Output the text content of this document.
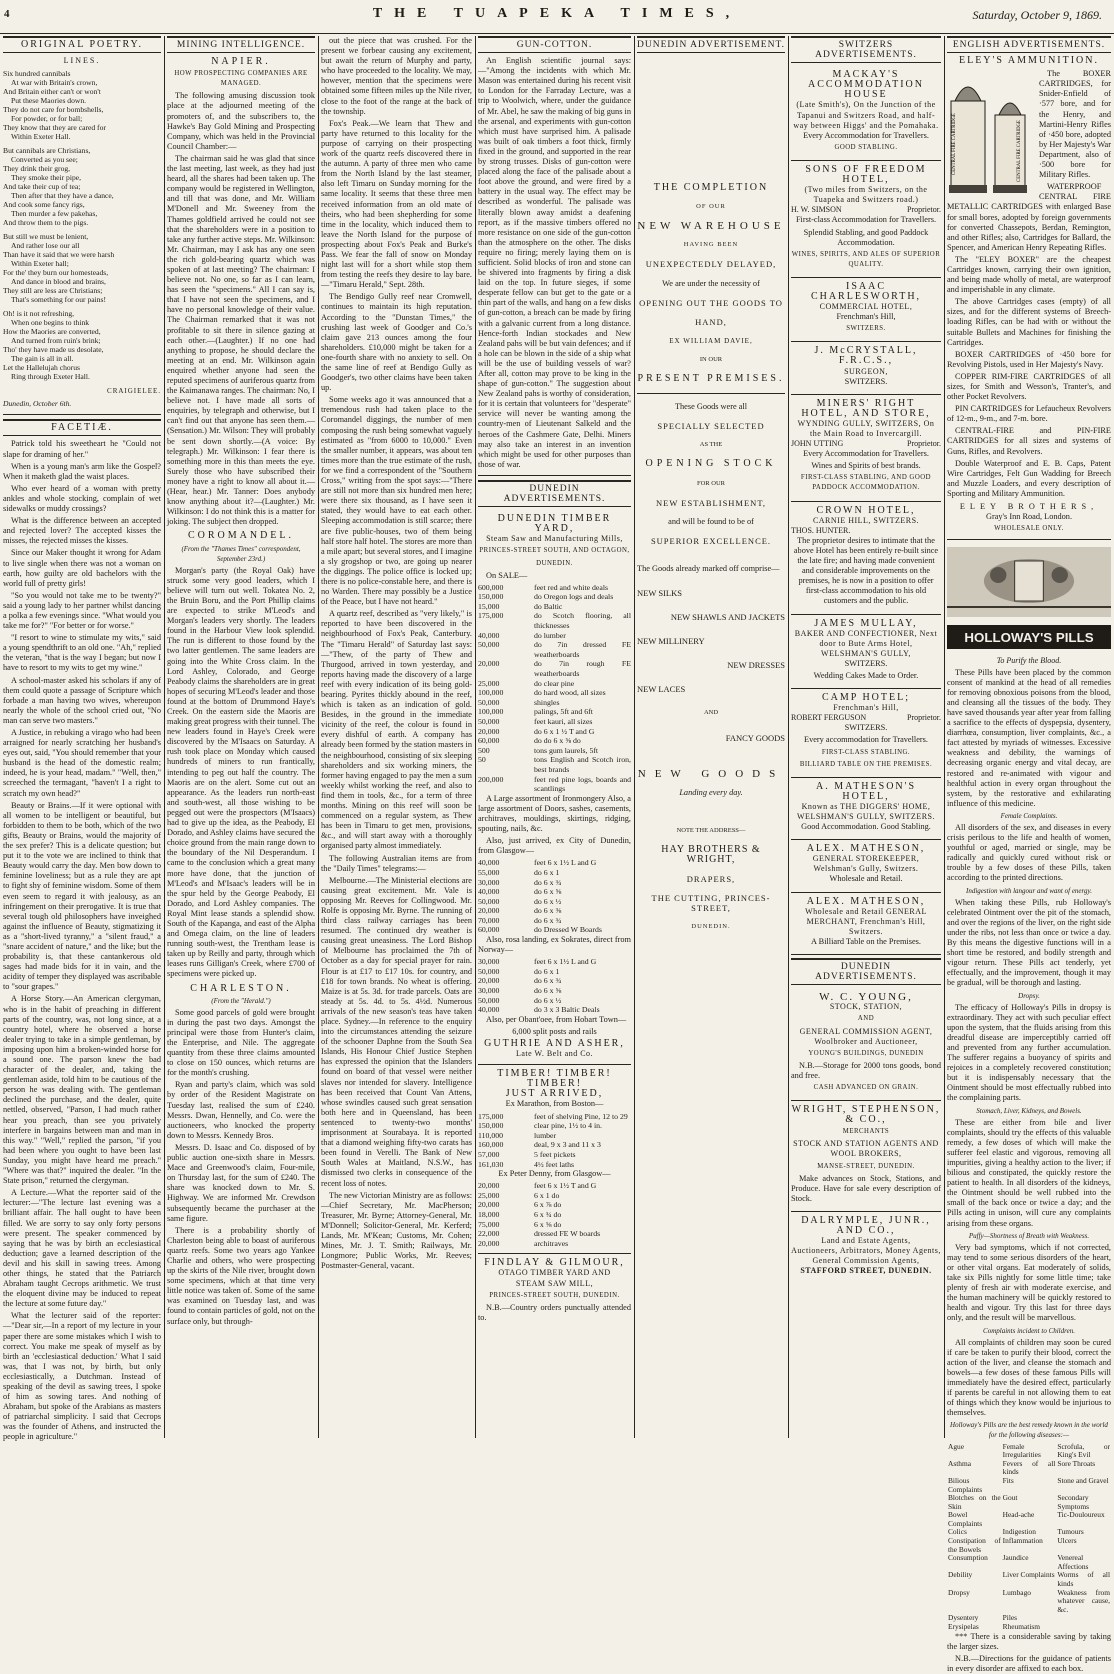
4	THE TUAPEKA TIMES,	Saturday, October 9, 1869.
ORIGINAL POETRY.
LINES.

Six hundred cannibals

At war with Britain's crown,

And Britain either can't or won't

Put these Maories down.

They do not care for bombshells,

For powder, or for ball;

They know that they are cared for

Within Exeter Hall.

But cannibals are Christians,

Converted as you see;

They drink their grog,

They smoke their pipe,

And take their cup of tea;

Then after that they have a dance,

And cook some fancy rigs,

Then murder a few pakehas,

And throw them to the pigs.

But still we must be lenient,

And rather lose our all

Than have it said that we were harsh

Within Exeter hall;

For the' they burn our homesteads,

And dance in blood and brains,

They still are less are Christians;

That's something for our pains!

Oh! is it not refreshing,

When one begins to think

How the Maories are converted,

And turned from ruin's brink;

Tho' they have made us desolate,

The gain is all in all.

Let the Hallelujah chorus

Ring through Exeter Hall.

CRAIGIELEE.
Dunedin, October 6th.
FACETIÆ.

Patrick told his sweetheart he "Could not slape for draming of her."

When is a young man's arm like the Gospel? When it maketh glad the waist places.

Who ever heard of a woman with pretty ankles and whole stocking, complain of wet sidewalks or muddy crossings?

What is the difference between an accepted and rejected lover? The accepted kisses the misses, the rejected misses the kisses.

Since our Maker thought it wrong for Adam to live single when there was not a woman on earth, how guilty are old bachelors with the world full of pretty girls!

"So you would not take me to be twenty?" said a young lady to her partner whilst dancing a polka a few evenings since. "What would you take me for?" "For better or for worse."

"I resort to wine to stimulate my wits," said a young spendthrift to an old one. "Ah," replied the veteran, "that is the way I began; but now I have to resort to my wits to get my wine."

A school-master asked his scholars if any of them could quote a passage of Scripture which forbade a man having two wives, whereupon nearly the whole of the school cried out, "No man can serve two masters."

A Justice, in rebuking a virago who had been arraigned for nearly scratching her husband's eyes out, said, "You should remember that your husband is the head of the domestic realm; indeed, he is your head, madam." "Well, then," screeched the termagant, "haven't I a right to scratch my own head?"

Beauty or Brains.—If it were optional with all women to be intelligent or beautiful, but forbidden to them to be both, which of the two gifts, Beauty or Brains, would the majority of the sex prefer? This is a delicate question; but put it to the vote we are inclined to think that Beauty would carry the day. Men bow down to feminine loveliness; but as a rule they are apt to fight shy of feminine wisdom. Some of them even seem to regard it with jealousy, as an infringement on their prerogative. It is true that several tough old philosophers have inveighed against the influence of Beauty, stigmatizing it as a "short-lived tyranny," a "silent fraud," a "snare accident of nature," and the like; but the probability is, that these cantankerous old sages had made bids for it in vain, and the acidity of temper they displayed was ascribable to "sour grapes."

A Horse Story.—An American clergyman, who is in the habit of preaching in different parts of the country, was, not long since, at a country hotel, where he observed a horse dealer trying to take in a simple gentleman, by imposing upon him a broken-winded horse for a sound one. The parson knew the bad character of the dealer, and, taking the gentleman aside, told him to be cautious of the person he was dealing with. The gentleman declined the purchase, and the dealer, quite nettled, observed, "Parson, I had much rather hear you preach, than see you privately interfere in bargains between man and man in this way." "Well," replied the parson, "if you had been where you ought to have been last Sunday, you might have heard me preach." "Where was that?" inquired the dealer. "In the State prison," returned the clergyman.

A Lecture.—What the reporter said of the lecturer:—"The lecture last evening was a brilliant affair. The hall ought to have been filled. We are sorry to say only forty persons were present. The speaker commenced by saying that he was by birth an ecclesiastical deduction; gave a learned description of the devil and his skill in sawing trees. Among other things, he stated that the Patriarch Abraham taught Cecrops arithmetic. We trust the eloquent divine may be induced to repeat the lecture at some future day."

What the lecturer said of the reporter:—"Dear sir,—In a report of my lecture in your paper there are some mistakes which I wish to correct. You make me speak of myself as by birth an 'ecclesiastical deduction.' What I said was, that I was not, by birth, but only ecclesiastically, a Dutchman. Instead of speaking of the devil as sawing trees, I spoke of him as sowing tares. And nothing of Abraham, but spoke of the Arabians as masters of patriarchal simplicity. I said that Cecrops was the founder of Athens, and instructed the people in agriculture."

MINING INTELLIGENCE.
NAPIER.
HOW PROSPECTING COMPANIES ARE MANAGED.

The following amusing discussion took place at the adjourned meeting of the promoters of, and the subscribers to, the Hawke's Bay Gold Mining and Prospecting Company, which was held in the Provincial Council Chamber:—

The chairman said he was glad that since the last meeting, last week, as they had just heard, all the shares had been taken up. The company would be registered in Wellington, and till that was done, and Mr. William M'Donell and Mr. Sweeney from the Thames goldfield arrived he could not see that the shareholders were in a position to take any further active steps. Mr. Wilkinson: Mr. Chairman, may I ask has any one seen the rich gold-bearing quartz which was spoken of at last meeting? The chairman: I believe not. No one, so far as I can learn, has seen the "specimens." All I can say is, that I have not seen the specimens, and I have no personal knowledge of their value. The Chairman remarked that it was not profitable to sit there in silence gazing at each other.—(Laughter.) If no one had anything to propose, he should declare the meeting at an end. Mr. Wilkinson again enquired whether anyone had seen the reputed specimens of auriferous quartz from the Kaimanawa ranges. The chairman: No, I believe not. I have made all sorts of enquiries, by telegraph and otherwise, but I can't find out that anyone has seen them.—(Sensation.) Mr. Wilson: They will probably be sent down shortly.—(A voice: By telegraph.) Mr. Wilkinson: I fear there is something more in this than meets the eye. Surely those who have subscribed their money have a right to know all about it.—(Hear, hear.) Mr. Tanner: Does anybody know anything about it?—(Laughter.) Mr. Wilkinson: I do not think this is a matter for joking. The subject then dropped.

COROMANDEL.
(From the "Thames Times" correspondent, September 23rd.)

Morgan's party (the Royal Oak) have struck some very good leaders, which I believe will turn out well. Tokatea No. 2, the Bruin Boru, and the Port Phillip claims are expected to strike M'Leod's and Morgan's leaders very shortly. The leaders found in the Harbour View look splendid. The run is different to those found by the two latter gentlemen. The same leaders are going into the White Cross claim. In the Lord Ashley, Colorado, and George Peabody claims the shareholders are in great hopes of securing M'Leod's leader and those found at the bottom of Drummond Haye's Creek. On the eastern side the Maoris are making great progress with their tunnel. The new leaders found in Haye's Creek were discovered by the M'Isaacs on Saturday. A rush took place on Monday which caused hundreds of miners to run frantically, intending to peg out half the country. The Maoris are on the alert. Some cut out an appearance. As the leaders run north-east and south-west, all those wishing to be pegged out were the prospectors (M'Isaacs) had to give up the idea, as the Peabody, El Dorado, and Ashley claims have secured the choice ground from the main range down to the boundary of the Nil Desperandum. I came to the conclusion which a great many more have done, that the junction of M'Leod's and M'Isaac's leaders will be in the spur held by the George Peabody, El Dorado, and Lord Ashley companies. The Royal Mint lease stands a splendid show. South of the Kapanga, and east of the Alpha and Omega claim, on the line of leaders running south-west, the Trentham lease is taken up by Reilly and party, through which leases runs Gilligan's Creek, where £700 of specimens were picked up.

CHARLESTON.
(From the "Herald.")

Some good parcels of gold were brought in during the past two days. Amongst the principal were those from Hunter's claim, the Enterprise, and Nile. The aggregate quantity from these three claims amounted to close on 150 ounces, which returns are for the month's crushing.

Ryan and party's claim, which was sold by order of the Resident Magistrate on Tuesday last, realised the sum of £240. Messrs. Dwan, Hennelly, and Co. were the auctioneers, who knocked the property down to Messrs. Kennedy Bros.

Messrs. D. Isaac and Co. disposed of by public auction one-sixth share in Messrs. Mace and Greenwood's claim, Four-mile, on Thursday last, for the sum of £240. The share was knocked down to Mr. S. Highway. We are informed Mr. Crewdson subsequently became the purchaser at the same figure.

There is a probability shortly of Charleston being able to boast of auriferous quartz reefs. Some two years ago Yankee Charlie and others, who were prospecting up the skirts of the Nile river, brought down some specimens, which at that time very little notice was taken of. Some of the same was examined on Tuesday last, and was found to contain particles of gold, not on the surface only, but through-

out the piece that was crushed. For the present we forbear causing any excitement, but await the return of Murphy and party, who have proceeded to the locality. We may, however, mention that the specimens were obtained some fifteen miles up the Nile river, close to the foot of the range at the back of the township.

Fox's Peak.—We learn that Thew and party have returned to this locality for the purpose of carrying on their prospecting work of the quartz reefs discovered there in the autumn. A party of three men who came from the North Island by the last steamer, also left Timaru on Sunday morning for the same locality. It seems that these three men received information from an old mate of theirs, who had been shepherding for some time in the locality, which induced them to leave the North Island for the purpose of prospecting about Fox's Peak and Burke's Pass. We fear the fall of snow on Monday night last will for a short while stop them from testing the reefs they desire to lay bare.—"Timaru Herald," Sept. 28th.

The Bendigo Gully reef near Cromwell, continues to maintain its high reputation. According to the "Dunstan Times," the crushing last week of Goodger and Co.'s claim gave 213 ounces among the four shareholders. £10,000 might be taken for a one-fourth share with no anxiety to sell. On the same line of reef at Bendigo Gully as Goodger's, two other claims have been taken up.

Some weeks ago it was announced that a tremendous rush had taken place to the Coromandel diggings, the number of men composing the rush being somewhat vaguely estimated as "from 6000 to 10,000." Even the smaller number, it appears, was about ten times more than the true estimate of the rush, for we find a correspondent of the "Southern Cross," writing from the spot says:—"There are still not more than six hundred men here; were there six thousand, as I have seen it stated, they would have to eat each other. Sleeping accommodation is still scarce; there are five public-houses, two of them being half store half hotel. The stores are more than a mile apart; but several stores, and I imagine a sly grogshop or two, are going up nearer the diggings. The police office is locked up; there is no police-constable here, and there is no Warden. There may possibly be a Justice of the Peace, but I have not heard."

A quartz reef, described as "very likely," is reported to have been discovered in the neighbourhood of Fox's Peak, Canterbury. The "Timaru Herald" of Saturday last says:—"Thew, of the party of Thew and Thurgood, arrived in town yesterday, and reports having made the discovery of a large reef with every indication of its being gold-bearing. Pyrites thickly abound in the reef, which is taken as an indication of gold. Besides, in the ground in the immediate vicinity of the reef, the colour is found in every dishful of earth. A company has already been formed by the station masters in the neighbourhood, consisting of six sleeping shareholders and six working miners, the former having engaged to pay the men a sum weekly whilst working the reef, and also to find them in tools, &c., for a term of three months. Mining on this reef will soon be commenced on a regular system, as Thew has been in Timaru to get men, provisions, &c., and will start away with a thoroughly organised party almost immediately.

The following Australian items are from the "Daily Times" telegrams:—

Melbourne.—The Ministerial elections are causing great excitement. Mr. Vale is opposing Mr. Reeves for Collingwood. Mr. Rolfe is opposing Mr. Byrne. The running of third class railway carriages has been resumed. The continued dry weather is causing great uneasiness. The Lord Bishop of Melbourne has proclaimed the 7th of October as a day for special prayer for rain. Flour is at £17 to £17 10s. for country, and £18 for town brands. No wheat is offering. Maize is at 5s. 3d. for trade parcels. Oats are steady at 5s. 4d. to 5s. 4½d. Numerous arrivals of the new season's teas have taken place. Sydney.—In reference to the enquiry into the circumstances attending the seizure of the schooner Daphne from the South Sea Islands, His Honour Chief Justice Stephen has expressed the opinion that the Islanders found on board of that vessel were neither slaves nor intended for slavery. Intelligence has been received that Count Van Attens, whose swindles caused such great sensation both here and in Queensland, has been sentenced to twenty-two months' imprisonment at Sourabaya. It is reported that a diamond weighing fifty-two carats has been found in Verelli. The Bank of New South Wales at Maitland, N.S.W., has dismissed two clerks in consequence of the recent loss of notes.

The new Victorian Ministry are as follows:—Chief Secretary, Mr. MacPherson; Treasurer, Mr. Byrne; Attorney-General, Mr. M'Donnell; Solicitor-General, Mr. Kerferd; Lands, Mr. M'Kean; Customs, Mr. Cohen; Mines, Mr. J. T. Smith; Railways, Mr. Longmore; Public Works, Mr. Reeves; Postmaster-General, vacant.

GUN-COTTON.

An English scientific journal says:—"Among the incidents with which Mr. Mason was entertained during his recent visit to London for the Farraday Lecture, was a trip to Woolwich, where, under the guidance of Mr. Abel, he saw the making of big guns in the arsenal, and experiments with gun-cotton which must have surprised him. A palisade was built of oak timbers a foot thick, firmly fixed in the ground, and supported in the rear by strong trusses. Disks of gun-cotton were placed along the face of the palisade about a foot above the ground, and were fired by a battery in the usual way. The effect may be described as wonderful. The palisade was literally blown away amidst a deafening report, as if the massive timbers offered no more resistance on one side of the gun-cotton than the atmosphere on the other. The disks require no firing; merely laying them on is sufficient. Solid blocks of iron and stone can be shivered into fragments by firing a disk laid on the top. In future sieges, if some desperate fellow can but get to the gate or a thin part of the walls, and hang on a few disks of gun-cotton, a breach can be made by firing with a galvanic current from a long distance. Hence-forth Indian stockades and New Zealand pahs will be but vain defences; and if a hole can be blown in the side of a ship what will be the use of building vessels of war? After all, cotton may prove to be king in the shape of gun-cotton." The suggestion about New Zealand pahs is worthy of consideration, for it is certain that volunteers for "desperate" service will never be wanting among the country-men of Lieutenant Salkeld and the heroes of the Cashmere Gate, Delhi. Miners may also take an interest in an invention which might be used for other purposes than those of war.

DUNEDIN ADVERTISEMENTS.
DUNEDIN TIMBER YARD,
Steam Saw and Manufacturing Mills,
PRINCES-STREET SOUTH, AND OCTAGON,
DUNEDIN.

On SALE—

600,000	feet red and white deals
150,000	do Oregon logs and deals
15,000	do Baltic
175,000	do Scotch flooring, all thicknesses
40,000	do lumber
50,000	do 7in dressed FE weatherboards
20,000	do 7in rough FE weatherboards
25,000	do clear pine
100,000	do hard wood, all sizes
50,000	shingles
100,000	palings, 5ft and 6ft
50,000	feet kauri, all sizes
20,000	do 6 x 1 ½ T and G
60,000	do do 6 x ⅝ do
500	tons gum laurels, 5ft
50	tons English and Scotch iron, best brands
200,000	feet red pine logs, boards and scantlings

A Large assortment of Ironmongery Also, a large assortment of Doors, sashes, casements, architraves, mouldings, skirtings, ridging, spouting, nails, &c.

Also, just arrived, ex City of Dunedin, from Glasgow—

40,000	feet 6 x 1½ L and G
55,000	do 6 x 1
30,000	do 6 x ¾
40,000	do 6 x ⅝
50,000	do 6 x ½
20,000	do 6 x ⅜
70,000	do 6 x ¾
60,000	do Dressed W Boards

Also, rosa landing, ex Sokrates, direct from Norway—

30,000	feet 6 x 1½ L and G
50,000	do 6 x 1
20,000	do 6 x ¾
30,000	do 6 x ⅝
50,000	do 6 x ½
40,000	do 3 x 3 Baltic Deals

Also, per Obant'oee, from Hobart Town—

6,000 split posts and rails

GUTHRIE AND ASHER,
Late W. Belt and Co.
TIMBER! TIMBER! TIMBER!
JUST ARRIVED,

Ex Marathon, from Boston—

175,000	feet of shelving Pine, 12 to 29
150,000	clear pine, 1½ to 4 in.
110,000	lumber
160,000	deal, 9 x 3 and 11 x 3
57,000	5 feet pickets
161,030	4½ feet laths

Ex Peter Denny, from Glasgow—

20,000	feet 6 x 1½ T and G
25,000	6 x 1 do
20,000	6 x ⅞ do
18,000	6 x ¾ do
75,000	6 x ⅝ do
22,000	dressed FE W boards
20,000	architraves
FINDLAY & GILMOUR,
OTAGO TIMBER YARD AND
STEAM SAW MILL,
PRINCES-STREET SOUTH, DUNEDIN.

N.B.—Country orders punctually attended to.

DUNEDIN ADVERTISEMENT.
THE COMPLETION
OF OUR
NEW WAREHOUSE
HAVING BEEN
UNEXPECTEDLY DELAYED,
We are under the necessity of
OPENING OUT THE GOODS TO
HAND,
EX WILLIAM DAVIE,
IN OUR
PRESENT PREMISES.
These Goods were all
SPECIALLY SELECTED
AS THE
OPENING STOCK
FOR OUR
NEW ESTABLISHMENT,
and will be found to be of
SUPERIOR EXCELLENCE.
The Goods already marked off comprise—
NEW SILKS
NEW SHAWLS AND JACKETS
NEW MILLINERY
NEW DRESSES
NEW LACES
AND
FANCY GOODS
NEW GOODS
Landing every day.
NOTE THE ADDRESS—
HAY BROTHERS & WRIGHT,
DRAPERS,
THE CUTTING, PRINCES-STREET,
DUNEDIN.
SWITZERS ADVERTISEMENTS.
MACKAY'S ACCOMMODATION HOUSE
(Late Smith's), On the Junction of the Tapanui and Switzers Road, and half-way between Higgs' and the Pomahaka.

Every Accommodation for Travellers.

GOOD STABLING.
SONS OF FREEDOM HOTEL,
(Two miles from Switzers, on the Tuapeka and Switzers road.)
H. W. SIMSON	Proprietor.

First-class Accommodation for Travellers.

Splendid Stabling, and good Paddock Accommodation.

WINES, SPIRITS, AND ALES OF SUPERIOR QUALITY.
ISAAC CHARLESWORTH,
COMMERCIAL HOTEL,

Frenchman's Hill,

SWITZERS.
J. McCRYSTALL, F.R.C.S.,
SURGEON,

SWITZERS.

MINERS' RIGHT HOTEL, AND STORE,
WYNDING GULLY, SWITZERS, On the Main Road to Invercargill.
JOHN UTTING	Proprietor.

Every Accommodation for Travellers.

Wines and Spirits of best brands.

FIRST-CLASS STABLING, AND GOOD PADDOCK ACCOMMODATION.
CROWN HOTEL,
CARNIE HILL, SWITZERS.
THOS. HUNTER.

The proprietor desires to intimate that the above Hotel has been entirely re-built since the late fire; and having made convenient and considerable improvements on the premises, he is now in a position to offer first-class accommodation to his old customers and the public.

JAMES MULLAY,
BAKER AND CONFECTIONER, Next door to Bute Arms Hotel, WELSHMAN'S GULLY,

SWITZERS.

Wedding Cakes Made to Order.

CAMP HOTEL;
Frenchman's Hill,
ROBERT FERGUSON	Proprietor.

SWITZERS.

Every accommodation for Travellers.

FIRST-CLASS STABLING.
BILLIARD TABLE ON THE PREMISES.
A. MATHESON'S HOTEL,
Known as THE DIGGERS' HOME, WELSHMAN'S GULLY, SWITZERS.

Good Accommodation. Good Stabling.

ALEX. MATHESON,
GENERAL STOREKEEPER, Welshman's Gully, Switzers.

Wholesale and Retail.

ALEX. MATHESON,
Wholesale and Retail GENERAL MERCHANT, Frenchman's Hill, Switzers.

A Billiard Table on the Premises.

DUNEDIN ADVERTISEMENTS.
W. C. YOUNG,
STOCK, STATION,
AND
GENERAL COMMISSION AGENT,
Woolbroker and Auctioneer,
YOUNG'S BUILDINGS, DUNEDIN

N.B.—Storage for 2000 tons goods, bond and free.

CASH ADVANCED ON GRAIN.
WRIGHT, STEPHENSON, & CO.,
MERCHANTS
STOCK AND STATION AGENTS AND WOOL BROKERS,
MANSE-STREET, DUNEDIN.

Make advances on Stock, Stations, and Produce. Have for sale every description of Stock.

DALRYMPLE, JUNR., AND CO.,
Land and Estate Agents,
Auctioneers, Arbitrators, Money Agents, General Commission Agents,
STAFFORD STREET, DUNEDIN.
ENGLISH ADVERTISEMENTS.
ELEY'S AMMUNITION.
CENTRAL FIRE CARTRIDGE	CENTRAL FIRE CARTRIDGE

The BOXER CARTRIDGES, for Snider-Enfield of ·577 bore, and for the Henry, and Martini-Henry Rifles of ·450 bore, adopted by Her Majesty's War Department, also of ·500 bore for Military Rifles.

WATERPROOF CENTRAL FIRE METALLIC CARTRIDGES with enlarged Base for small bores, adopted by foreign governments for converted Chassepots, Berdan, Remington, and other Rifles; also, Cartridges for Ballard, the Spencer, and American Henry Repeating Rifles.

The "ELEY BOXER" are the cheapest Cartridges known, carrying their own ignition, and being made wholly of metal, are waterproof and imperishable in any climate.

The above Cartridges cases (empty) of all sizes, and for the different systems of Breech-loading Rifles, can be had with or without the suitable Bullets and Machines for finishing the Cartridges.

BOXER CARTRIDGES of ·450 bore for Revolving Pistols, used in Her Majesty's Navy.

COPPER RIM-FIRE CARTRIDGES of all sizes, for Smith and Wesson's, Tranter's, and other Pocket Revolvers.

PIN CARTRIDGES for Lefaucheux Revolvers of 12-m., 9-m., and 7-m. bore.

CENTRAL-FIRE and PIN-FIRE CARTRIDGES for all sizes and systems of Guns, Rifles, and Revolvers.

Double Waterproof and E. B. Caps, Patent Wire Cartridges, Felt Gun Wadding for Breech and Muzzle Loaders, and every description of Sporting and Military Ammunition.

ELEY BROTHERS,
Gray's Inn Road, London.
WHOLESALE ONLY.

HOLLOWAY'S PILLS
To Purify the Blood.

These Pills have been placed by the common consent of mankind at the head of all remedies for removing obnoxious poisons from the blood, and cleansing all the tissues of the body. They have saved thousands year after year from falling a sacrifice to the effects of dyspepsia, dysentery, diarrhœa, consumption, liver complaints, &c., a fact attested by myriads of witnesses. Excessive weakness and debility, the warnings of decreasing organic energy and vital decay, are restored and re-animated with vigour and healthful action in every organ throughout the system, by the restorative and exhilarating influence of this medicine.

Female Complaints.

All disorders of the sex, and diseases in every crisis perilous to the life and health of women, youthful or aged, married or single, may be radically and quickly cured without risk or trouble by a few doses of these Pills, taken according to the printed directions.

Indigestion with langour and want of energy.

When taking these Pills, rub Holloway's celebrated Ointment over the pit of the stomach, and over the regions of the liver, on the right side under the ribs, not less than once or twice a day. By this means the digestive functions will in a short time be restored, and bodily strength and vigour return. These Pills act tenderly, yet effectually, and the improvement, though it may be gradual, will be thorough and lasting.

Dropsy.

The efficacy of Holloway's Pills in dropsy is extraordinary. They act with such peculiar effect upon the system, that the fluids arising from this dreadful disease are imperceptibly carried off and prevented from any further accumulation. The sufferer regains a buoyancy of spirits and rejoices in a completely recovered constitution; but it is indispensably necessary that the Ointment should be most effectually rubbed into the complaining parts.

Stomach, Liver, Kidneys, and Bowels.

These are either from bile and liver complaints, should try the effects of this valuable remedy, a few doses of which will make the sufferer feel elastic and vigorous, removing all impurities, giving a healthy action to the liver; if bilious and constipated, the quickly restore the patient to health. In all disorders of the kidneys, the Ointment should be well rubbed into the small of the back once or twice a day; and the Pills acting in unison, will cure any complaints arising from these organs.

Puffy—Shortness of Breath with Weakness.

Very bad symptoms, which if not corrected, may tend to some serious disorders of the heart, or other vital organs. Eat moderately of solids, take six Pills nightly for some little time; take plenty of fresh air with moderate exercise, and the human machinery will be quickly restored to health and vigour. Try this last for three days only, and the result will be marvellous.

Complaints incident to Children.

All complaints of children may soon be cured if care be taken to purify their blood, correct the action of the liver, and cleanse the stomach and bowels—a few doses of these famous Pills will immediately have the desired effect, particularly if parents be careful in not allowing them to eat of things which they know would be injurious to themselves.

Holloway's Pills are the best remedy known in the world for the following diseases:—
Ague	Female Irregularities
Scrofula, or King's Evil
Asthma	Fevers of all kinds
Sore Throats
Bilious Complaints
Fits	Stone and Gravel
Blotches on the Skin
Gout	Secondary Symptoms
Bowel Complaints
Head-ache	Tic-Douloureux
Colics	Indigestion	Tumours
Constipation of the Bowels
Inflammation	Ulcers
Consumption	Jaundice	Venereal Affections
Debility	Liver Complaints Worms of all kinds
Dropsy	Lumbago	Weakness from whatever cause, &c.
Dysentery	Piles
Erysipelas	Rheumatism

*** There is a considerable saving by taking the larger sizes.

N.B.—Directions for the guidance of patients in every disorder are affixed to each box.
